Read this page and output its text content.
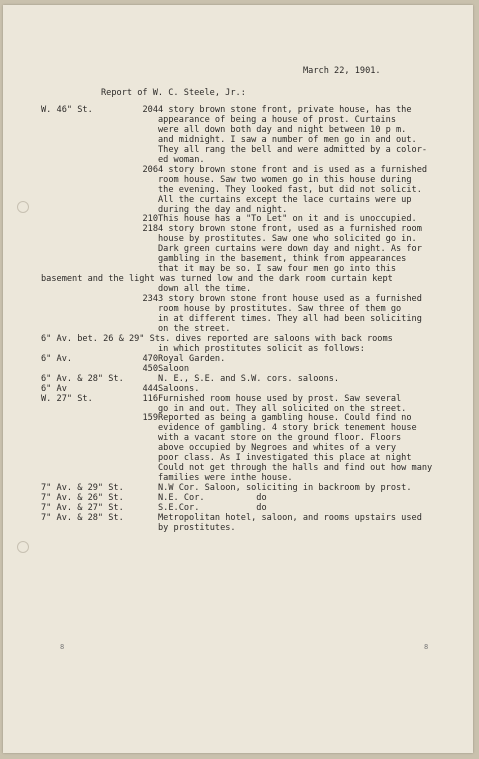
March 22, 1901.
Report of W. C. Steele, Jr.:
W. 46" St.	204 4 story brown stone front, private house, has the
appearance of being a house of prost. Curtains
were all down both day and night between 10 p m.
and midnight. I saw a number of men go in and out.
They all rang the bell and were admitted by a color-
ed woman.
206 4 story brown stone front and is used as a furnished
room house. Saw two women go in this house during
the evening. They looked fast, but did not solicit.
All the curtains except the lace curtains were up
during the day and night.
210 This house has a "To Let" on it and is unoccupied.
218 4 story brown stone front, used as a furnished room
house by prostitutes. Saw one who solicited go in.
Dark green curtains were down day and night. As for
gambling in the basement, think from appearances
that it may be so. I saw four men go into this
basement and the light was turned low and the dark room curtain kept
down all the time.
234 3 story brown stone front house used as a furnished
room house by prostitutes. Saw three of them go
in at different times. They all had been soliciting
on the street.
6" Av. bet. 26 & 29" Sts. dives reported are saloons with back rooms
in which prostitutes solicit as follows:
6" Av.	470 Royal Garden.
450 Saloon
6" Av. & 28" St.	N. E., S.E. and S.W. cors. saloons.
6" Av	444 Saloons.
W. 27" St.	116 Furnished room house used by prost. Saw several
go in and out. They all solicited on the street.
159 Reported as being a gambling house. Could find no
evidence of gambling. 4 story brick tenement house
with a vacant store on the ground floor. Floors
above occupied by Negroes and whites of a very
poor class. As I investigated this place at night
Could not get through the halls and find out how many
families were inthe house.
7" Av. & 29" St.	N.W Cor. Saloon, soliciting in backroom by prost.
7" Av. & 26" St.	N.E. Cor.          do
7" Av. & 27" St.	S.E.Cor.           do
7" Av. & 28" St.	Metropolitan hotel, saloon, and rooms upstairs used
by prostitutes.
8	8
